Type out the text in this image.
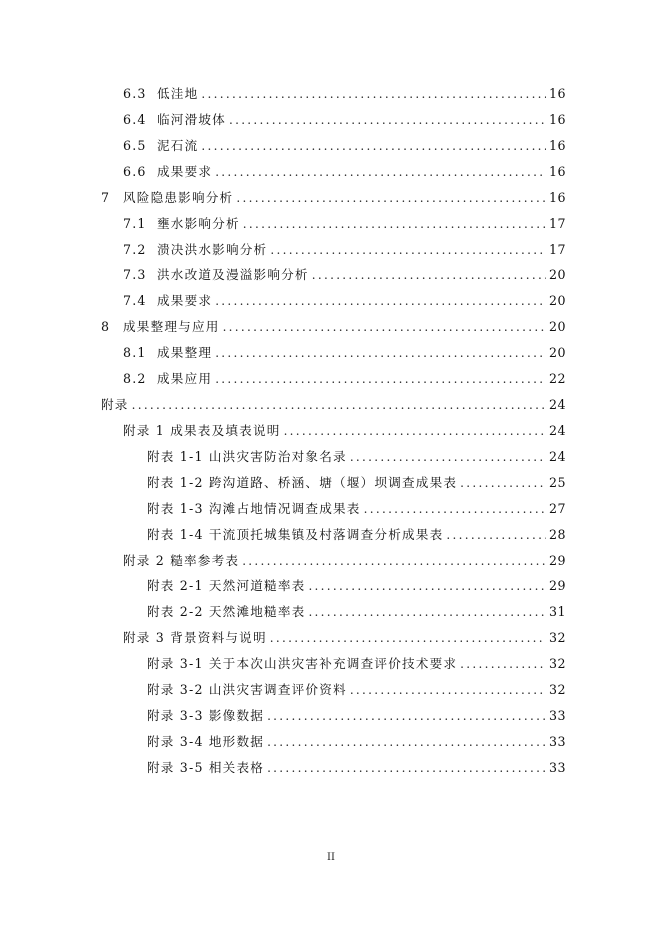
6.3 低洼地 .....	16
6.4 临河滑坡体 .....	16
6.5 泥石流 .....	16
6.6 成果要求 .....	16
7	风险隐患影响分析 .....	16
7.1 壅水影响分析 .....	17
7.2 溃决洪水影响分析 .....	17
7.3 洪水改道及漫溢影响分析 .....	20
7.4 成果要求 .....	20
8	成果整理与应用 .....	20
8.1 成果整理 .....	20
8.2 成果应用 .....	22
附录 .....	24
附录 1 成果表及填表说明 .....	24
附表 1-1 山洪灾害防治对象名录 .....	24
附表 1-2 跨沟道路、桥涵、塘（堰）坝调查成果表 .....	25
附表 1-3 沟滩占地情况调查成果表 .....	27
附表 1-4 干流顶托城集镇及村落调查分析成果表 .....	28
附录 2 糙率参考表 .....	29
附表 2-1 天然河道糙率表 .....	29
附表 2-2 天然滩地糙率表 .....	31
附录 3 背景资料与说明 .....	32
附录 3-1 关于本次山洪灾害补充调查评价技术要求 .....	32
附录 3-2 山洪灾害调查评价资料 .....	32
附录 3-3 影像数据 .....	33
附录 3-4 地形数据 .....	33
附录 3-5 相关表格 .....	33
II
